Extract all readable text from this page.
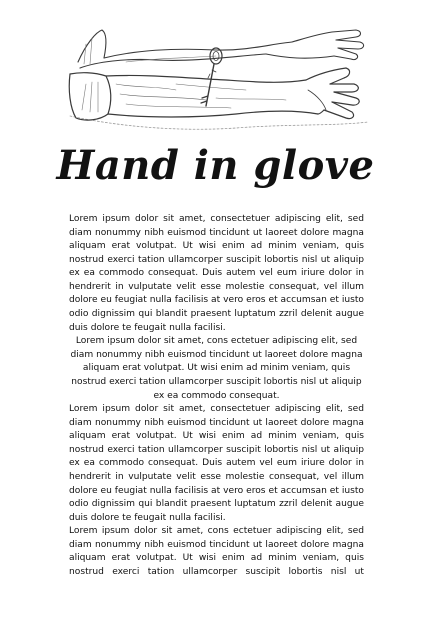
Hand in glove

Lorem ipsum dolor sit amet, consectetuer adipiscing elit, sed diam nonummy nibh euismod tincidunt ut laoreet dolore magna aliquam erat volutpat. Ut wisi enim ad minim veniam, quis nostrud exerci tation ullamcorper suscipit lobortis nisl ut aliquip ex ea commodo consequat. Duis autem vel eum iriure dolor in hendrerit in vulputate velit esse molestie consequat, vel illum dolore eu feugiat nulla facilisis at vero eros et accumsan et iusto odio dignissim qui blandit praesent luptatum zzril delenit augue duis dolore te feugait nulla facilisi.

Lorem ipsum dolor sit amet, cons ectetuer adipiscing elit, sed diam nonummy nibh euismod tincidunt ut laoreet dolore magna aliquam erat volutpat. Ut wisi enim ad minim veniam, quis nostrud exerci tation ullamcorper suscipit lobortis nisl ut aliquip ex ea commodo consequat.

Lorem ipsum dolor sit amet, consectetuer adipiscing elit, sed diam nonummy nibh euismod tincidunt ut laoreet dolore magna aliquam erat volutpat. Ut wisi enim ad minim veniam, quis nostrud exerci tation ullamcorper suscipit lobortis nisl ut aliquip ex ea commodo consequat. Duis autem vel eum iriure dolor in hendrerit in vulputate velit esse molestie consequat, vel illum dolore eu feugiat nulla facilisis at vero eros et accumsan et iusto odio dignissim qui blandit praesent luptatum zzril delenit augue duis dolore te feugait nulla facilisi.

Lorem ipsum dolor sit amet, cons ectetuer adipiscing elit, sed diam nonummy nibh euismod tincidunt ut laoreet dolore magna aliquam erat volutpat. Ut wisi enim ad minim veniam, quis nostrud exerci tation ullamcorper suscipit lobortis nisl ut
